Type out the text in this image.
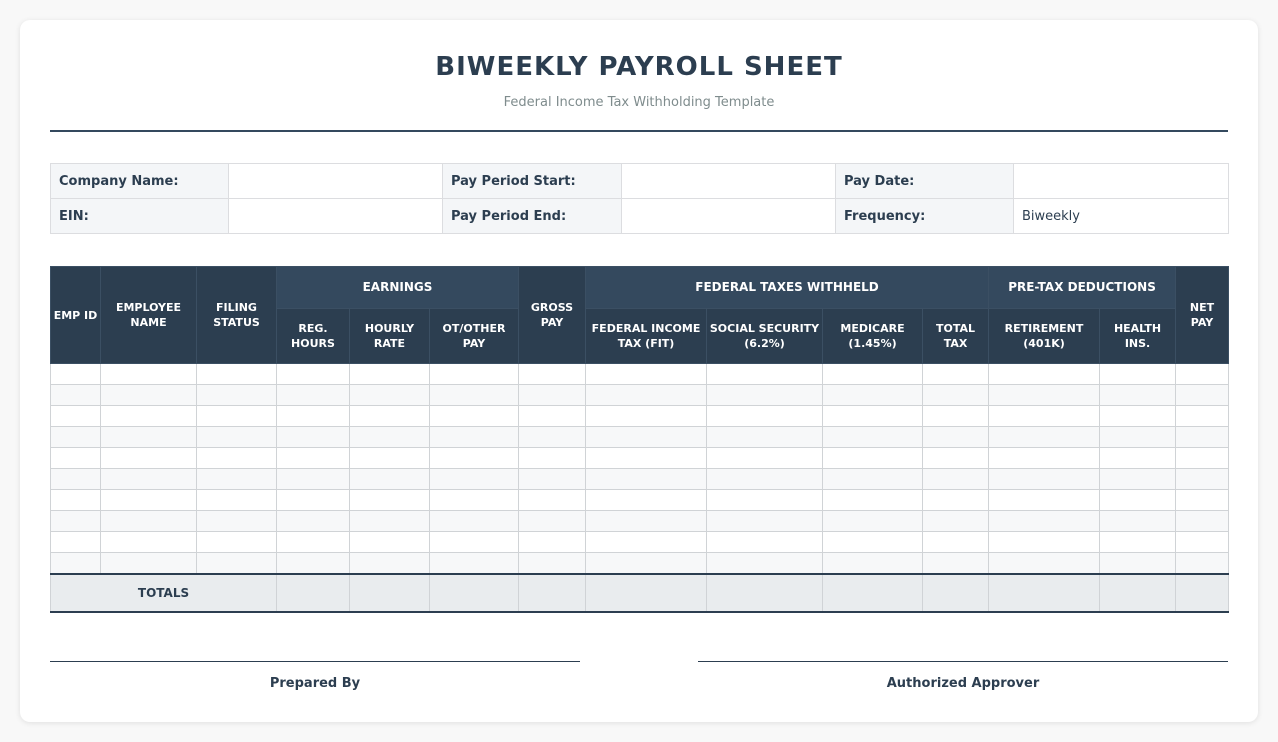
BIWEEKLY PAYROLL SHEET
Federal Income Tax Withholding Template
Company Name:		Pay Period Start:		Pay Date:	
EIN:		Pay Period End:		Frequency:	Biweekly
EMP ID	EMPLOYEE NAME	FILING STATUS	EARNINGS			GROSS PAY	FEDERAL TAXES WITHHELD				PRE-TAX DEDUCTIONS		NET PAY
			REG. HOURS	HOURLY RATE	OT/OTHER PAY		FEDERAL INCOME TAX (FIT)	SOCIAL SECURITY (6.2%)	MEDICARE (1.45%)	TOTAL TAX	RETIREMENT (401K)	HEALTH INS.	

TOTALS													
Prepared By	Authorized Approver
